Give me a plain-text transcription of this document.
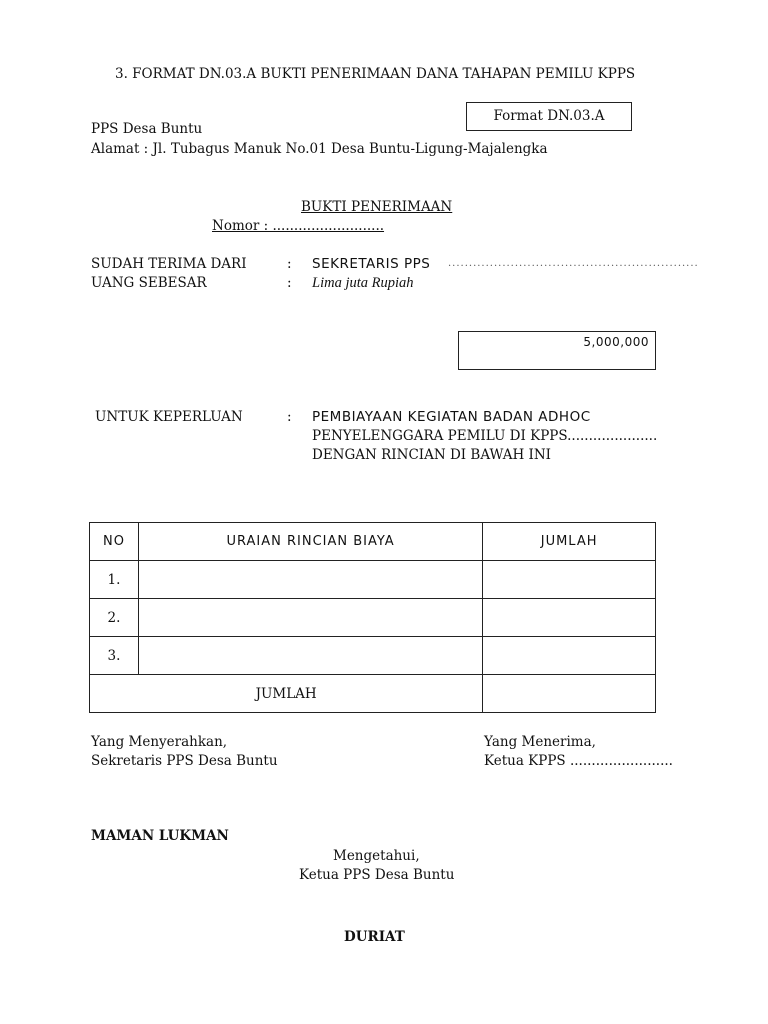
3. FORMAT DN.03.A BUKTI PENERIMAAN DANA TAHAPAN PEMILU KPPS
Format DN.03.A
PPS Desa Buntu
Alamat : Jl. Tubagus Manuk No.01 Desa Buntu-Ligung-Majalengka
BUKTI PENERIMAAN
Nomor : ..........................
SUDAH TERIMA DARI	: SEKRETARIS PPS ............................................................
UANG SEBESAR	: Lima juta Rupiah
5,000,000
UNTUK KEPERLUAN	: PEMBIAYAAN KEGIATAN BADAN ADHOC
PENYELENGGARA PEMILU DI KPPS.....................
DENGAN RINCIAN DI BAWAH INI
NO	URAIAN RINCIAN BIAYA	JUMLAH
1.		
2.		
3.		
JUMLAH		
Yang Menyerahkan,
Sekretaris PPS Desa Buntu
Yang Menerima,
Ketua KPPS ........................
MAMAN LUKMAN
Mengetahui,
Ketua PPS Desa Buntu
DURIAT
